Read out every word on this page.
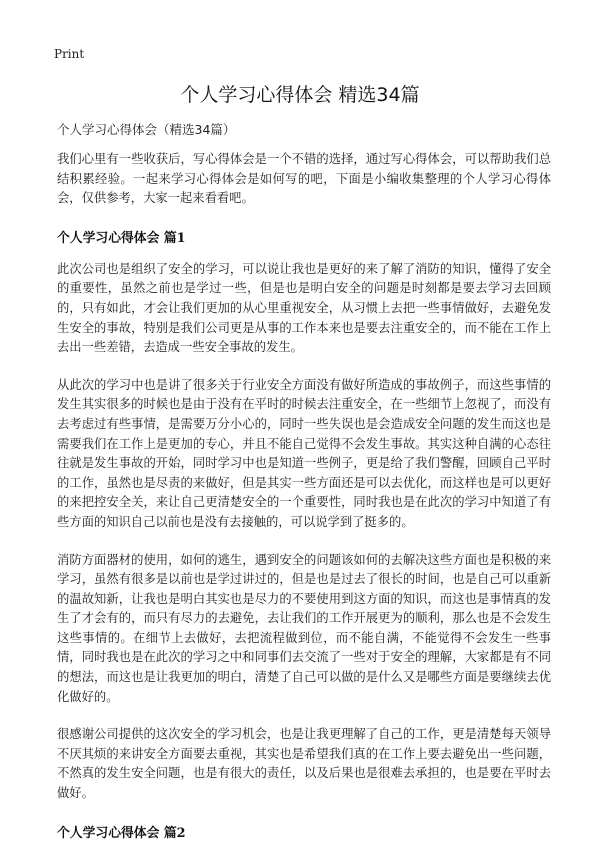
Print
个人学习心得体会 精选34篇

个人学习心得体会（精选34篇）

我们心里有一些收获后，写心得体会是一个不错的选择，通过写心得体会，可以帮助我们总结积累经验。一起来学习心得体会是如何写的吧，下面是小编收集整理的个人学习心得体会，仅供参考，大家一起来看看吧。

个人学习心得体会 篇1

此次公司也是组织了安全的学习，可以说让我也是更好的来了解了消防的知识，懂得了安全的重要性，虽然之前也是学过一些，但是也是明白安全的问题是时刻都是要去学习去回顾的，只有如此，才会让我们更加的从心里重视安全，从习惯上去把一些事情做好，去避免发生安全的事故，特别是我们公司更是从事的工作本来也是要去注重安全的，而不能在工作上去出一些差错，去造成一些安全事故的发生。

从此次的学习中也是讲了很多关于行业安全方面没有做好所造成的事故例子，而这些事情的发生其实很多的时候也是由于没有在平时的时候去注重安全，在一些细节上忽视了，而没有去考虑过有些事情，是需要万分小心的，同时一些失误也是会造成安全问题的发生而这也是需要我们在工作上是更加的专心，并且不能自己觉得不会发生事故。其实这种自满的心态往往就是发生事故的开始，同时学习中也是知道一些例子，更是给了我们警醒，回顾自己平时的工作，虽然也是尽责的来做好，但是其实一些方面还是可以去优化，而这样也是可以更好的来把控安全关，来让自己更清楚安全的一个重要性，同时我也是在此次的学习中知道了有些方面的知识自己以前也是没有去接触的，可以说学到了挺多的。

消防方面器材的使用，如何的逃生，遇到安全的问题该如何的去解决这些方面也是积极的来学习，虽然有很多是以前也是学过讲过的，但是也是过去了很长的时间，也是自己可以重新的温故知新，让我也是明白其实也是尽力的不要使用到这方面的知识，而这也是事情真的发生了才会有的，而只有尽力的去避免，去让我们的工作开展更为的顺利，那么也是不会发生这些事情的。在细节上去做好，去把流程做到位，而不能自满，不能觉得不会发生一些事情，同时我也是在此次的学习之中和同事们去交流了一些对于安全的理解，大家都是有不同的想法，而这也是让我更加的明白，清楚了自己可以做的是什么又是哪些方面是要继续去优化做好的。

很感谢公司提供的这次安全的学习机会，也是让我更理解了自己的工作，更是清楚每天领导不厌其烦的来讲安全方面要去重视，其实也是希望我们真的在工作上要去避免出一些问题，不然真的发生安全问题，也是有很大的责任，以及后果也是很难去承担的，也是要在平时去做好。

个人学习心得体会 篇2
